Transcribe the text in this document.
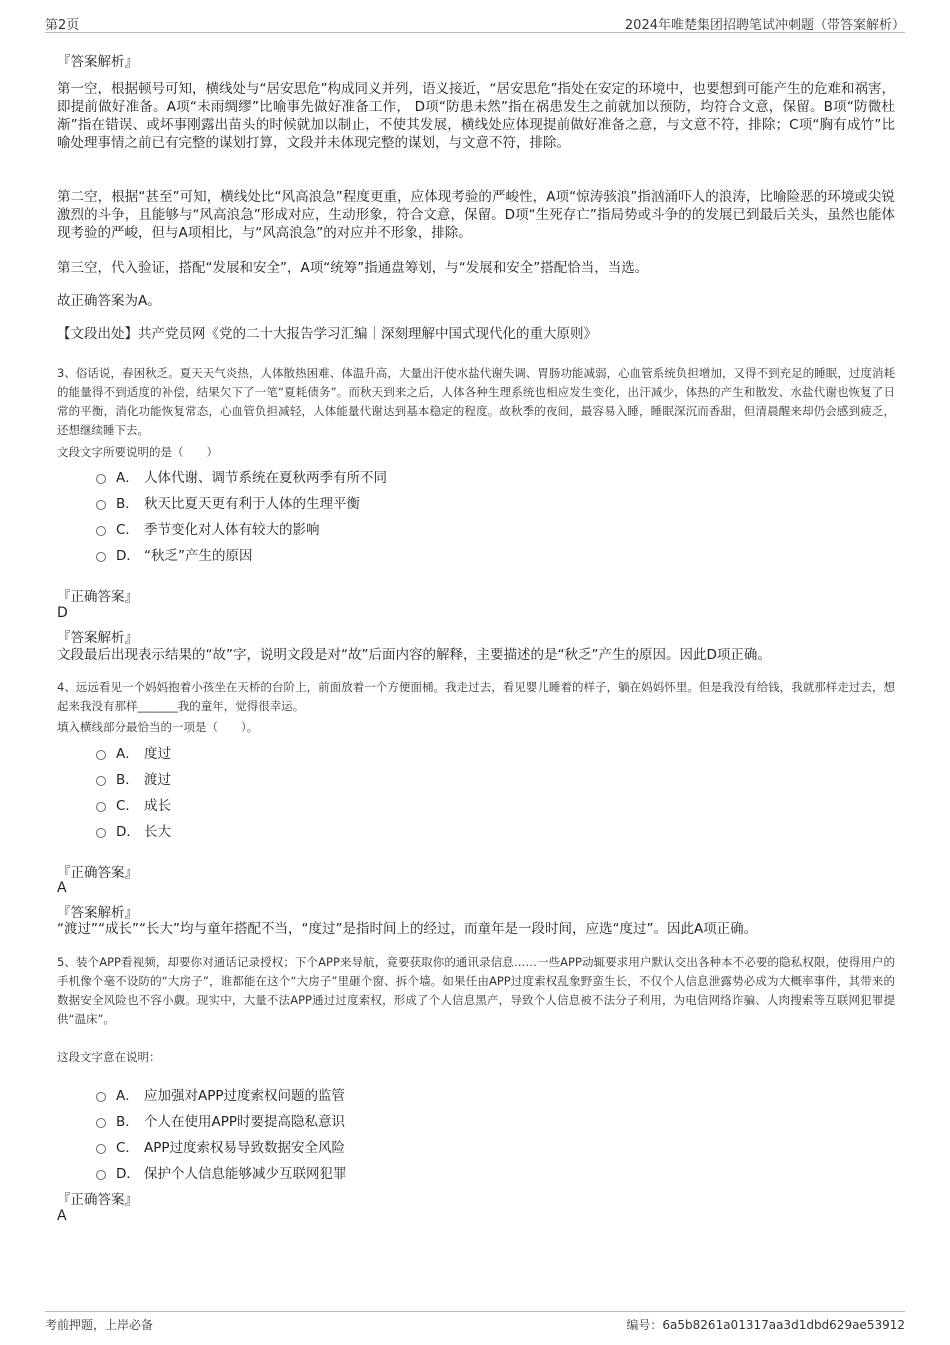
第2页	2024年唯楚集团招聘笔试冲刺题（带答案解析）
『答案解析』
第一空，根据顿号可知，横线处与“居安思危”构成同义并列，语义接近，“居安思危”指处在安定的环境中，也要想到可能产生的危难和祸害，即提前做好准备。A项“未雨绸缪”比喻事先做好准备工作， D项“防患未然”指在祸患发生之前就加以预防，均符合文意，保留。B项“防微杜渐”指在错误、或坏事刚露出苗头的时候就加以制止，不使其发展，横线处应体现提前做好准备之意，与文意不符，排除；C项“胸有成竹”比喻处理事情之前已有完整的谋划打算，文段并未体现完整的谋划，与文意不符，排除。
第二空，根据“甚至”可知，横线处比“风高浪急”程度更重，应体现考验的严峻性，A项“惊涛骇浪”指汹涌吓人的浪涛，比喻险恶的环境或尖锐激烈的斗争，且能够与“风高浪急”形成对应，生动形象，符合文意，保留。D项“生死存亡”指局势或斗争的的发展已到最后关头，虽然也能体现考验的严峻，但与A项相比，与“风高浪急”的对应并不形象，排除。
第三空，代入验证，搭配“发展和安全”，A项“统筹”指通盘筹划，与“发展和安全”搭配恰当，当选。
故正确答案为A。
【文段出处】共产党员网《党的二十大报告学习汇编｜深刻理解中国式现代化的重大原则》
3、俗话说，春困秋乏。夏天天气炎热，人体散热困难、体温升高，大量出汗使水盐代谢失调、胃肠功能减弱，心血管系统负担增加，又得不到充足的睡眠，过度消耗的能量得不到适度的补偿，结果欠下了一笔“夏耗债务”。而秋天到来之后，人体各种生理系统也相应发生变化，出汗减少，体热的产生和散发、水盐代谢也恢复了日常的平衡，消化功能恢复常态，心血管负担减轻，人体能量代谢达到基本稳定的程度。故秋季的夜间，最容易入睡，睡眠深沉而香甜，但清晨醒来却仍会感到疲乏，还想继续睡下去。
文段文字所要说明的是（　　）
A． 人体代谢、调节系统在夏秋两季有所不同
B． 秋天比夏天更有利于人体的生理平衡
C． 季节变化对人体有较大的影响
D． “秋乏”产生的原因
『正确答案』
D
『答案解析』
文段最后出现表示结果的“故”字，说明文段是对“故”后面内容的解释，主要描述的是“秋乏”产生的原因。因此D项正确。
4、远远看见一个妈妈抱着小孩坐在天桥的台阶上，前面放着一个方便面桶。我走过去，看见婴儿睡着的样子，躺在妈妈怀里。但是我没有给钱，我就那样走过去，想起来我没有那样_______我的童年，觉得很幸运。
填入横线部分最恰当的一项是（　　）。
A． 度过
B． 渡过
C． 成长
D． 长大
『正确答案』
A
『答案解析』
“渡过”“成长”“长大”均与童年搭配不当，“度过”是指时间上的经过，而童年是一段时间，应选“度过”。因此A项正确。
5、装个APP看视频，却要你对通话记录授权；下个APP来导航，竟要获取你的通讯录信息……一些APP动辄要求用户默认交出各种本不必要的隐私权限，使得用户的手机像个毫不设防的“大房子”，谁都能在这个“大房子”里砸个窗、拆个墙。如果任由APP过度索权乱象野蛮生长，不仅个人信息泄露势必成为大概率事件，其带来的数据安全风险也不容小觑。现实中，大量不法APP通过过度索权，形成了个人信息黑产，导致个人信息被不法分子利用，为电信网络诈骗、人肉搜索等互联网犯罪提供“温床”。
这段文字意在说明：
A． 应加强对APP过度索权问题的监管
B． 个人在使用APP时要提高隐私意识
C． APP过度索权易导致数据安全风险
D． 保护个人信息能够减少互联网犯罪
『正确答案』
A
考前押题，上岸必备	编号：6a5b8261a01317aa3d1dbd629ae53912
